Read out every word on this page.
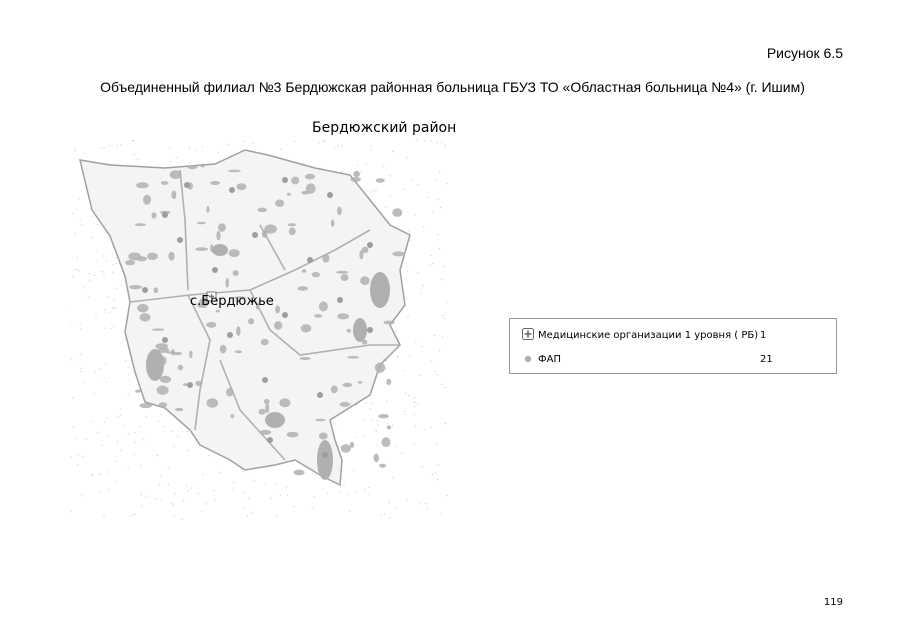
Рисунок 6.5
Объединенный филиал №3 Бердюжская районная больница ГБУЗ ТО «Областная больница №4» (г. Ишим)
Бердюжский район
с.Бердюжье
Медицинские организации 1 уровня ( РБ) 1
ФАП	21
119
